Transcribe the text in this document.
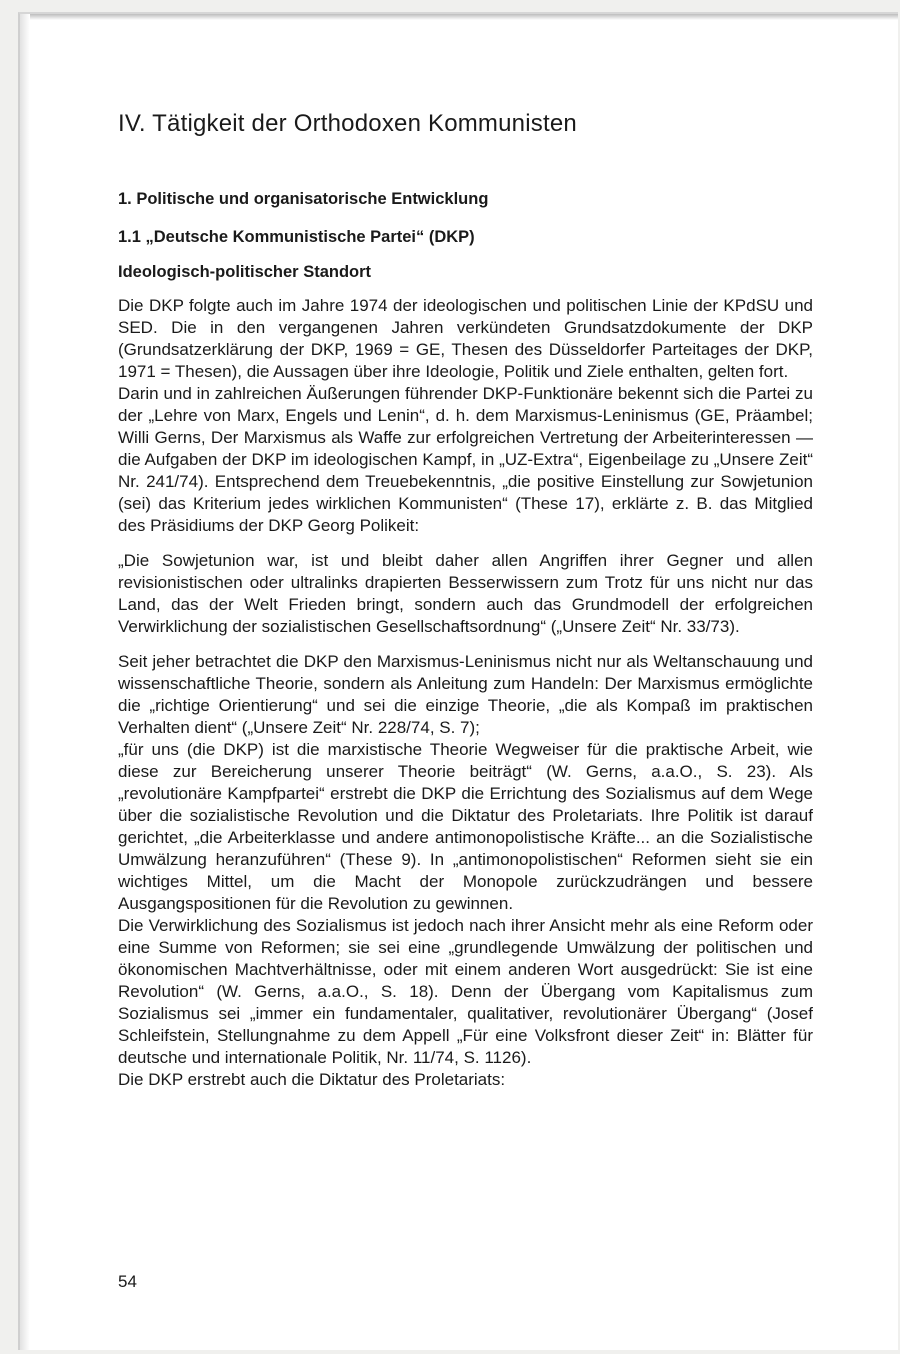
IV. Tätigkeit der Orthodoxen Kommunisten
1. Politische und organisatorische Entwicklung
1.1 „Deutsche Kommunistische Partei“ (DKP)
Ideologisch-politischer Standort

Die DKP folgte auch im Jahre 1974 der ideologischen und politischen Linie der KPdSU und SED. Die in den vergangenen Jahren verkündeten Grundsatzdokumente der DKP (Grundsatzerklärung der DKP, 1969 = GE, Thesen des Düsseldorfer Parteitages der DKP, 1971 = Thesen), die Aussagen über ihre Ideologie, Politik und Ziele enthalten, gelten fort.

Darin und in zahlreichen Äußerungen führender DKP-Funktionäre bekennt sich die Partei zu der „Lehre von Marx, Engels und Lenin“, d. h. dem Marxismus-Leninismus (GE, Präambel; Willi Gerns, Der Marxismus als Waffe zur erfolgreichen Vertretung der Arbeiterinteressen — die Aufgaben der DKP im ideologischen Kampf, in „UZ-Extra“, Eigenbeilage zu „Unsere Zeit“ Nr. 241/74). Entsprechend dem Treuebekenntnis, „die positive Einstellung zur Sowjetunion (sei) das Kriterium jedes wirklichen Kommunisten“ (These 17), erklärte z. B. das Mitglied des Präsidiums der DKP Georg Polikeit:

„Die Sowjetunion war, ist und bleibt daher allen Angriffen ihrer Gegner und allen revisionistischen oder ultralinks drapierten Besserwissern zum Trotz für uns nicht nur das Land, das der Welt Frieden bringt, sondern auch das Grundmodell der erfolgreichen Verwirklichung der sozialistischen Gesellschaftsordnung“ („Unsere Zeit“ Nr. 33/73).

Seit jeher betrachtet die DKP den Marxismus-Leninismus nicht nur als Weltanschauung und wissenschaftliche Theorie, sondern als Anleitung zum Handeln: Der Marxismus ermöglichte die „richtige Orientierung“ und sei die einzige Theorie, „die als Kompaß im praktischen Verhalten dient“ („Unsere Zeit“ Nr. 228/74, S. 7);

„für uns (die DKP) ist die marxistische Theorie Wegweiser für die praktische Arbeit, wie diese zur Bereicherung unserer Theorie beiträgt“ (W. Gerns, a.a.O., S. 23). Als „revolutionäre Kampfpartei“ erstrebt die DKP die Errichtung des Sozialismus auf dem Wege über die sozialistische Revolution und die Diktatur des Proletariats. Ihre Politik ist darauf gerichtet, „die Arbeiterklasse und andere antimonopolistische Kräfte... an die Sozialistische Umwälzung heranzuführen“ (These 9). In „antimonopolistischen“ Reformen sieht sie ein wichtiges Mittel, um die Macht der Monopole zurückzudrängen und bessere Ausgangspositionen für die Revolution zu gewinnen.

Die Verwirklichung des Sozialismus ist jedoch nach ihrer Ansicht mehr als eine Reform oder eine Summe von Reformen; sie sei eine „grundlegende Umwälzung der politischen und ökonomischen Machtverhältnisse, oder mit einem anderen Wort ausgedrückt: Sie ist eine Revolution“ (W. Gerns, a.a.O., S. 18). Denn der Übergang vom Kapitalismus zum Sozialismus sei „immer ein fundamentaler, qualitativer, revolutionärer Übergang“ (Josef Schleifstein, Stellungnahme zu dem Appell „Für eine Volksfront dieser Zeit“ in: Blätter für deutsche und internationale Politik, Nr. 11/74, S. 1126).

Die DKP erstrebt auch die Diktatur des Proletariats:

54
